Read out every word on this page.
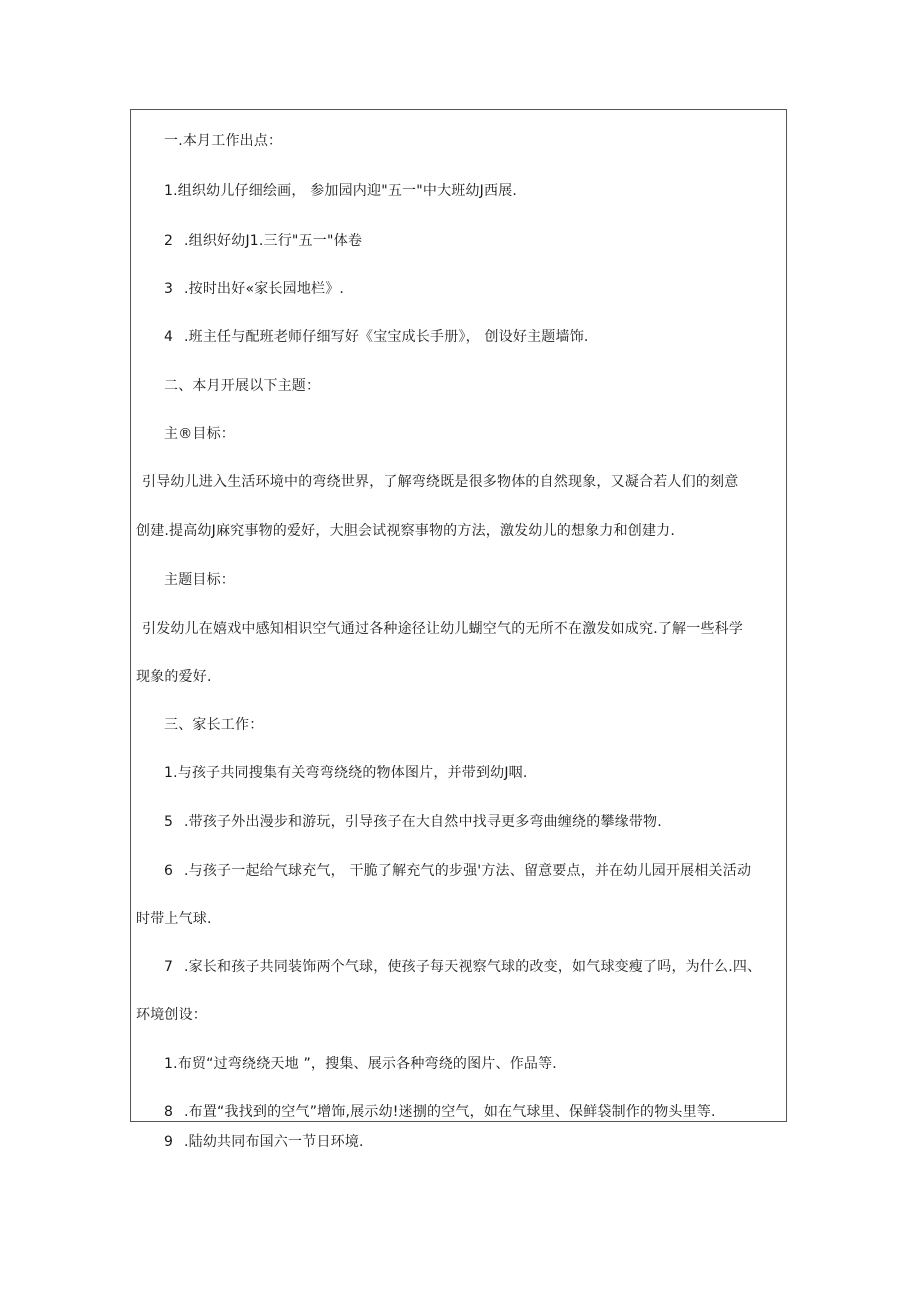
一.本月工作出点：
1.组织幼儿仔细绘画， 参加园内迎"五一"中大班幼J西展.
2 .组织好幼J1.三行"五一"体卷
3 .按时出好«家长园地栏》.
4 .班主任与配班老师仔细写好《宝宝成长手册》， 创设好主题墙饰.
二、本月开展以下主题：
主®目标：
引导幼儿进入生活环境中的弯绕世界，了解弯绕既是很多物体的自然现象，又凝合若人们的刻意
创建.提高幼J麻究事物的爱好，大胆会试视察事物的方法，激发幼儿的想象力和创建力.
主题目标：
引发幼儿在嬉戏中感知相识空气通过各种途径让幼儿蝴空气的无所不在激发如成究.了解一些科学
现象的爱好.
三、家长工作：
1.与孩子共同搜集有关弯弯绕绕的物体图片，并带到幼J咽.
5 .带孩子外出漫步和游玩，引导孩子在大自然中找寻更多弯曲缠绕的攀缘带物.
6 .与孩子一起给气球充气， 干脆了解充气的步强'方法、留意要点，并在幼儿园开展相关活动
时带上气球.
7 .家长和孩子共同装饰两个气球，使孩子每天视察气球的改变，如气球变瘦了吗，为什么.四、
环境创设：
1.布贸“过弯绕绕天地 ”，搜集、展示各种弯绕的图片、作品等.
8 .布置“我找到的空气”增饰,展示幼!迷捌的空气，如在气球里、保鲜袋制作的物头里等.
9 .陆幼共同布国六一节日环境.
